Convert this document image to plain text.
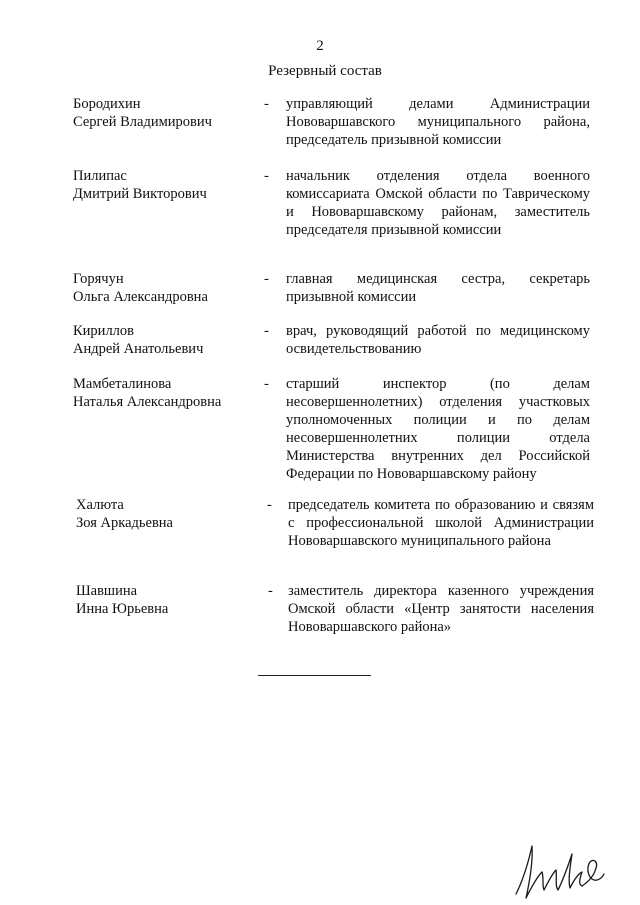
2
Резервный состав
Бородихин
Сергей Владимирович
- управляющий делами Администрации Нововаршавского муниципального района, председатель призывной комиссии
Пилипас
Дмитрий Викторович
- начальник отделения отдела военного комиссариата Омской области по Таврическому и Нововаршавскому районам, заместитель председателя призывной комиссии
Горячун
Ольга Александровна
- главная медицинская сестра, секретарь призывной комиссии
Кириллов
Андрей Анатольевич
- врач, руководящий работой по медицинскому освидетельствованию
Мамбеталинова
Наталья Александровна
- старший инспектор (по делам несовершеннолетних) отделения участковых уполномоченных полиции и по делам несовершеннолетних полиции отдела Министерства внутренних дел Российской Федерации по Нововаршавскому району
Халюта
Зоя Аркадьевна
- председатель комитета по образованию и связям с профессиональной школой Администрации Нововаршавского муниципального района
Шавшина
Инна Юрьевна
- заместитель директора казенного учреждения Омской области «Центр занятости населения Нововаршавского района»
